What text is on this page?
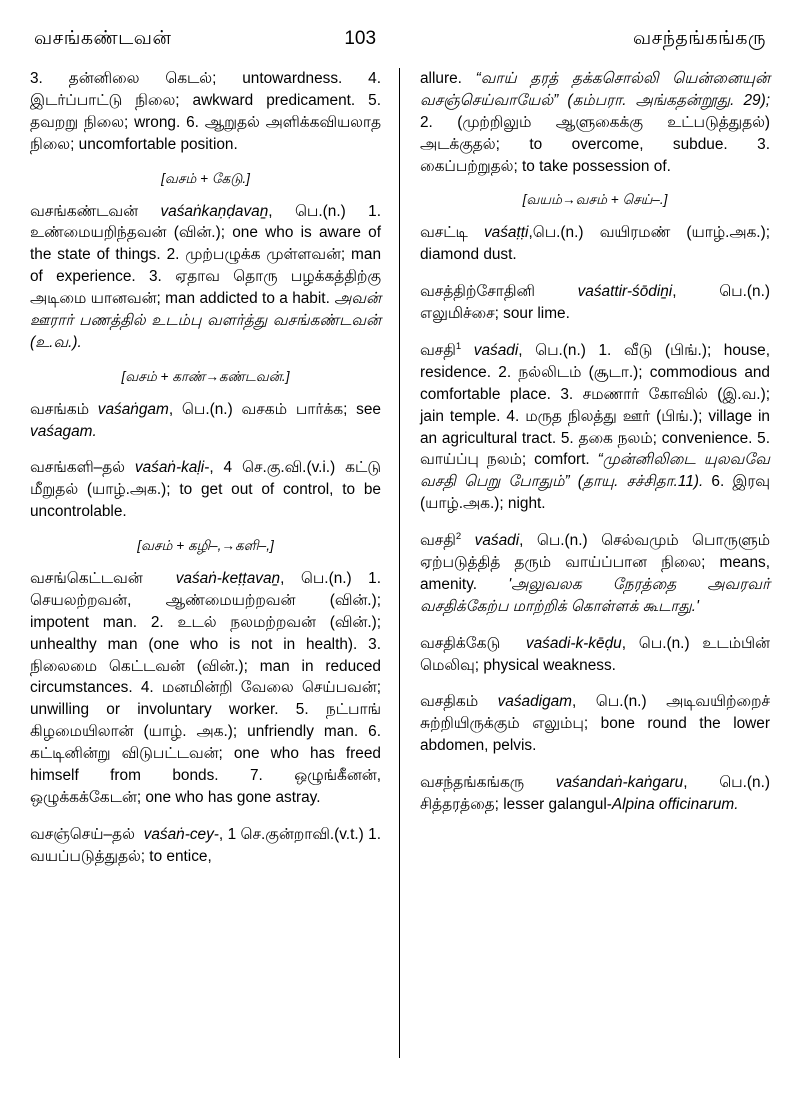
வசங்கண்டவன்	103	வசந்தங்கங்கரு
3. தன்னிலை கெடல்; untowardness. 4. இடர்ப்பாட்டு நிலை; awkward predicament. 5. தவறறு நிலை; wrong. 6. ஆறுதல் அளிக்கவியலாத நிலை; uncomfortable position.
[வசம் + கேடு.]
வசங்கண்டவன் vaśaṅkaṇḍavaṉ, பெ.(n.) 1. உண்மையறிந்தவன் (வின்.); one who is aware of the state of things. 2. முற்பழுக்க முள்ளவன்; man of experience. 3. ஏதாவ தொரு பழக்கத்திற்கு அடிமை யானவன்; man addicted to a habit. அவன் ஊரார் பணத்தில் உடம்பு வளர்த்து வசங்கண்டவன் (உ.வ.).
[வசம் + காண்→கண்டவன்.]
வசங்கம் vaśaṅgam, பெ.(n.) வசகம் பார்க்க; see vaśagam.
வசங்களி–தல் vaśaṅ-kaḷi-, 4 செ.கு.வி.(v.i.) கட்டு மீறுதல் (யாழ்.அக.); to get out of control, to be uncontrolable.
[வசம் + கழி–,→களி–,]
வசங்கெட்டவன் vaśaṅ-keṭṭavaṉ, பெ.(n.) 1. செயலற்றவன், ஆண்மையற்றவன் (வின்.); impotent man. 2. உடல் நலமற்றவன் (வின்.); unhealthy man (one who is not in health). 3. நிலைமை கெட்டவன் (வின்.); man in reduced circumstances. 4. மனமின்றி வேலை செய்பவன்; unwilling or involuntary worker. 5. நட்பாங் கிழமையிலான் (யாழ். அக.); unfriendly man. 6. கட்டினின்று விடுபட்டவன்; one who has freed himself from bonds. 7. ஒழுங்கீனன், ஒழுக்கக்கேடன்; one who has gone astray.
வசஞ்செய்–தல் vaśaṅ-cey-, 1 செ.குன்றாவி.(v.t.) 1. வயப்படுத்துதல்; to entice,
allure. “வாய் தரத் தக்கசொல்லி யென்னையுன் வசஞ்செய்வாயேல்” (கம்பரா. அங்கதன்றூது. 29); 2. (முற்றிலும் ஆளுகைக்கு உட்படுத்துதல்) அடக்குதல்; to overcome, subdue. 3. கைப்பற்றுதல்; to take possession of.
[வயம்→வசம் + செய்–.]
வசட்டி vaśaṭṭi,பெ.(n.) வயிரமண் (யாழ்.அக.); diamond dust.
வசத்திற்சோதினி	vaśattir-śōdiṉi, பெ.(n.) எலுமிச்சை; sour lime.
வசதி$^1$ vaśadi, பெ.(n.) 1. வீடு (பிங்.); house, residence. 2. நல்லிடம் (சூடா.); commodious and comfortable place. 3. சமணார் கோவில் (இ.வ.); jain temple. 4. மருத நிலத்து ஊர் (பிங்.); village in an agricultural tract. 5. தகை நலம்; convenience. 5. வாய்ப்பு நலம்; comfort. “முன்னிலிடை யுலவவே வசதி பெறு போதும்” (தாயு. சச்சிதா.11). 6. இரவு (யாழ்.அக.); night.
வசதி$^2$ vaśadi, பெ.(n.) செல்வமும் பொருளும் ஏற்படுத்தித் தரும் வாய்ப்பான நிலை; means, amenity. 'அலுவலக நேரத்தை அவரவர் வசதிக்கேற்ப மாற்றிக் கொள்ளக் கூடாது.'
வசதிக்கேடு vaśadi-k-kēḍu, பெ.(n.) உடம்பின் மெலிவு; physical weakness.
வசதிகம் vaśadigam, பெ.(n.) அடிவயிற்றைச் சுற்றியிருக்கும் எலும்பு; bone round the lower abdomen, pelvis.
வசந்தங்கங்கரு vaśandaṅ-kaṅgaru, பெ.(n.) சித்தரத்தை; lesser galangul-Alpina officinarum.
